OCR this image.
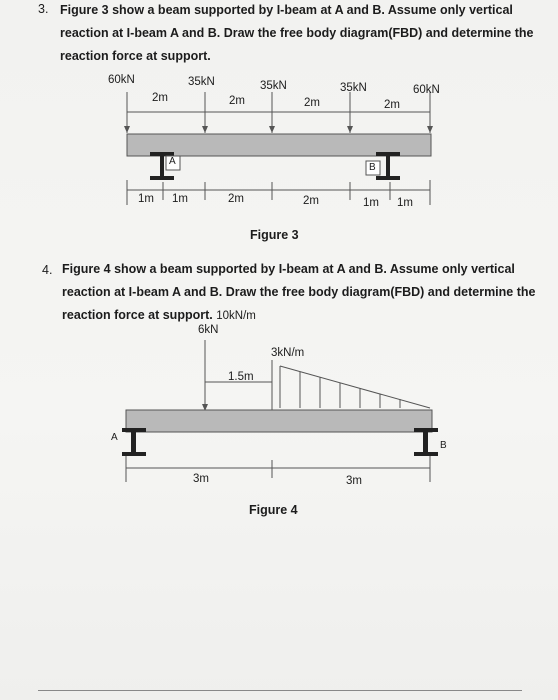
3. Figure 3 show a beam supported by I-beam at A and B. Assume only vertical
reaction at I-beam A and B. Draw the free body diagram(FBD) and determine the
reaction force at support.
60kN	35kN	35kN	35kN	60kN
2m	2m	2m	2m
A
B
1m 1m	2m	2m	1m 1m
Figure 3
4. Figure 4 show a beam supported by I-beam at A and B. Assume only vertical
reaction at I-beam A and B. Draw the free body diagram(FBD) and determine the
reaction force at support. 10kN/m
6kN
3kN/m
1.5m
A
B
3m	3m
Figure 4
